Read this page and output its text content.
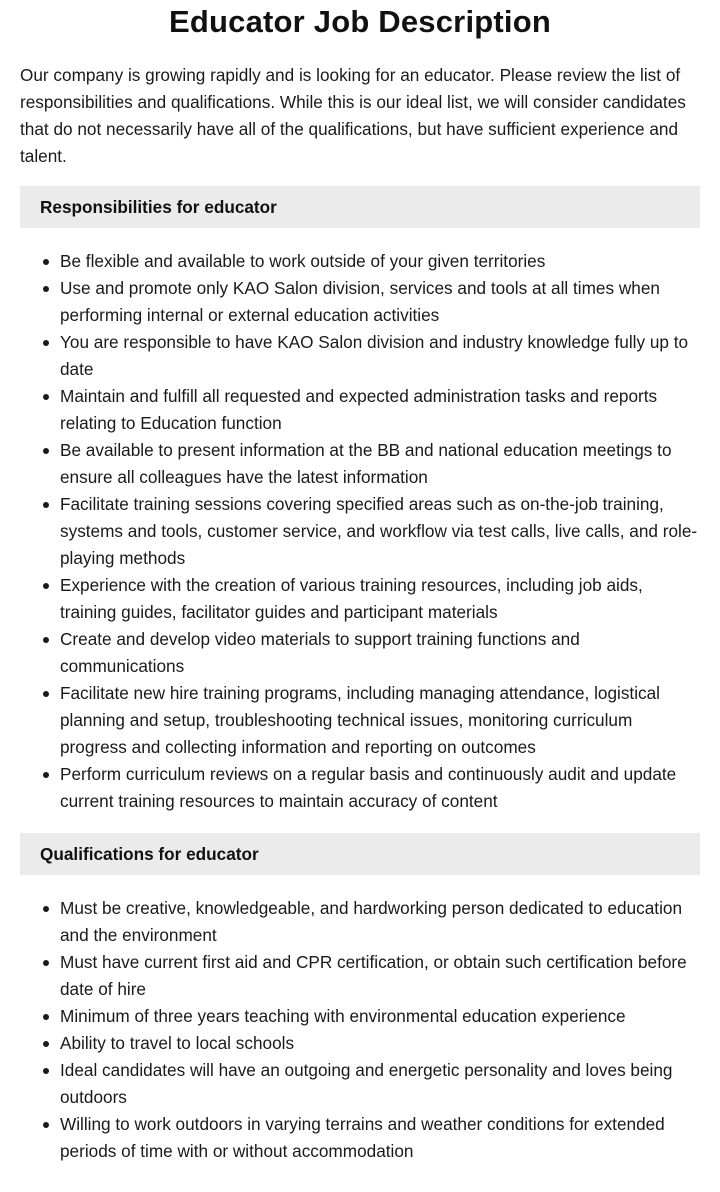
Educator Job Description

Our company is growing rapidly and is looking for an educator. Please review the list of responsibilities and qualifications. While this is our ideal list, we will consider candidates that do not necessarily have all of the qualifications, but have sufficient experience and talent.

Responsibilities for educator
Be flexible and available to work outside of your given territories
Use and promote only KAO Salon division, services and tools at all times when performing internal or external education activities
You are responsible to have KAO Salon division and industry knowledge fully up to date
Maintain and fulfill all requested and expected administration tasks and reports relating to Education function
Be available to present information at the BB and national education meetings to ensure all colleagues have the latest information
Facilitate training sessions covering specified areas such as on-the-job training, systems and tools, customer service, and workflow via test calls, live calls, and role-playing methods
Experience with the creation of various training resources, including job aids, training guides, facilitator guides and participant materials
Create and develop video materials to support training functions and communications
Facilitate new hire training programs, including managing attendance, logistical planning and setup, troubleshooting technical issues, monitoring curriculum progress and collecting information and reporting on outcomes
Perform curriculum reviews on a regular basis and continuously audit and update current training resources to maintain accuracy of content
Qualifications for educator
Must be creative, knowledgeable, and hardworking person dedicated to education and the environment
Must have current first aid and CPR certification, or obtain such certification before date of hire
Minimum of three years teaching with environmental education experience
Ability to travel to local schools
Ideal candidates will have an outgoing and energetic personality and loves being outdoors
Willing to work outdoors in varying terrains and weather conditions for extended periods of time with or without accommodation
